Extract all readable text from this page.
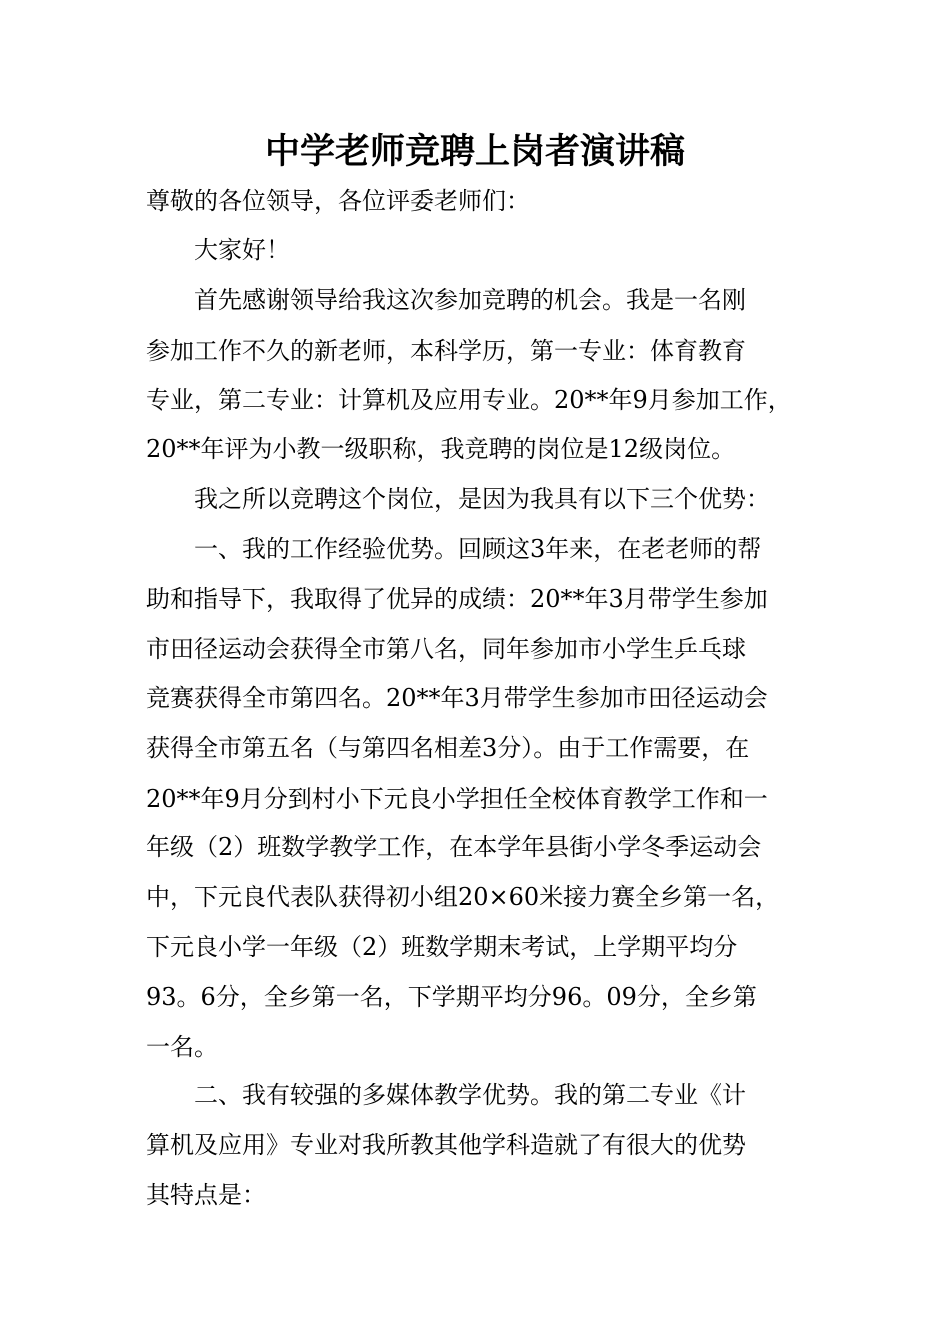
中学老师竞聘上岗者演讲稿

尊敬的各位领导，各位评委老师们：

大家好！

首先感谢领导给我这次参加竞聘的机会。我是一名刚

参加工作不久的新老师，本科学历，第一专业：体育教育

专业，第二专业：计算机及应用专业。20**年9月参加工作，

20**年评为小教一级职称，我竞聘的岗位是12级岗位。

我之所以竞聘这个岗位，是因为我具有以下三个优势：

一、我的工作经验优势。回顾这3年来，在老老师的帮

助和指导下，我取得了优异的成绩：20**年3月带学生参加

市田径运动会获得全市第八名，同年参加市小学生乒乓球

竞赛获得全市第四名。20**年3月带学生参加市田径运动会

获得全市第五名（与第四名相差3分）。由于工作需要，在

20**年9月分到村小下元良小学担任全校体育教学工作和一

年级（2）班数学教学工作，在本学年县街小学冬季运动会

中，下元良代表队获得初小组20×60米接力赛全乡第一名，

下元良小学一年级（2）班数学期末考试，上学期平均分

93。6分，全乡第一名，下学期平均分96。09分，全乡第

一名。

二、我有较强的多媒体教学优势。我的第二专业《计

算机及应用》专业对我所教其他学科造就了有很大的优势

其特点是：
